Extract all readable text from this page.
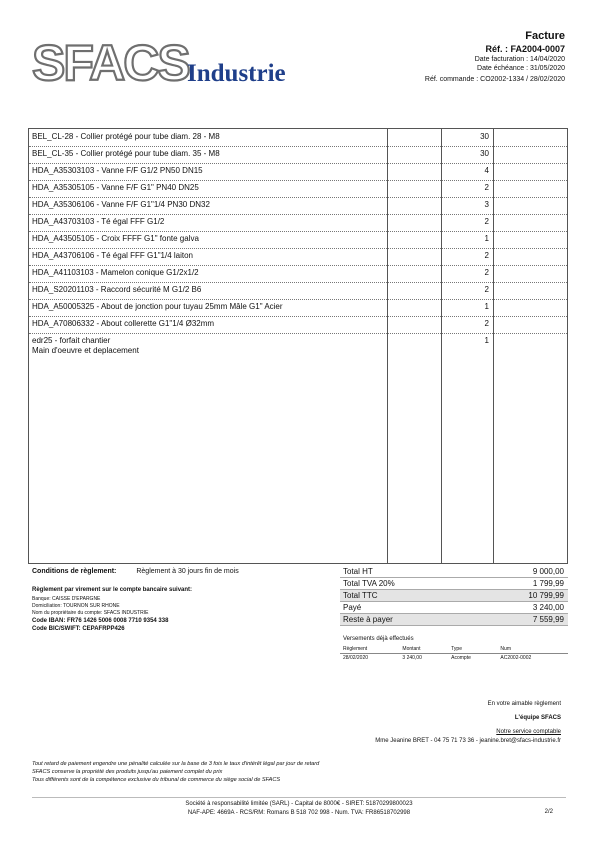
SFACS
Industrie
Facture
Réf. : FA2004-0007
Date facturation : 14/04/2020
Date échéance : 31/05/2020
Réf. commande : CO2002-1334 / 28/02/2020
BEL_CL-28 - Collier protégé pour tube diam. 28 - M8	30
BEL_CL-35 - Collier protégé pour tube diam. 35 - M8	30
HDA_A35303103 - Vanne F/F G1/2 PN50 DN15	4
HDA_A35305105 - Vanne F/F G1" PN40 DN25	2
HDA_A35306106 - Vanne F/F G1"1/4 PN30 DN32	3
HDA_A43703103 - Té égal FFF G1/2	2
HDA_A43505105 - Croix FFFF G1" fonte galva	1
HDA_A43706106 - Té égal FFF G1"1/4 laiton	2
HDA_A41103103 - Mamelon conique G1/2x1/2	2
HDA_S20201103 - Raccord sécurité M G1/2 B6	2
HDA_A50005325 - About de jonction pour tuyau 25mm Mâle G1" Acier	1
HDA_A70806332 - About collerette G1"1/4 Ø32mm	2
edr25 - forfait chantier
Main d'oeuvre et deplacement
1
Conditions de règlement:	Règlement à 30 jours fin de mois
Règlement par virement sur le compte bancaire suivant:
Banque: CAISSE D'EPARGNE
Domiciliation: TOURNON SUR RHONE
Nom du propriétaire du compte: SFACS INDUSTRIE
Code IBAN: FR76 1426 5006 0008 7710 9354 338
Code BIC/SWIFT: CEPAFRPP426
Total HT	9 000,00
Total TVA 20%	1 799,99
Total TTC	10 799,99
Payé	3 240,00
Reste à payer	7 559,99
Versements déjà effectués
Règlement	Montant	Type	Num
28/02/2020	3 240,00	Acompte	AC2002-0002
En votre aimable règlement
L'équipe SFACS
Notre service comptable
Mme Jeanine BRET - 04 75 71 73 36 - jeanine.bret@sfacs-industrie.fr
Tout retard de paiement engendre une pénalité calculée sur la base de 3 fois le taux d'intérêt légal par jour de retard
SFACS conserve la propriété des produits jusqu'au paiement complet du prix
Tous différents sont de la compétence exclusive du tribunal de commerce du siège social de SFACS
Société à responsabilité limitée (SARL) - Capital de 8000€ - SIRET: 51870299800023
NAF-APE: 4669A - RCS/RM: Romans B 518 702 998 - Num. TVA: FR86518702998	2/2
